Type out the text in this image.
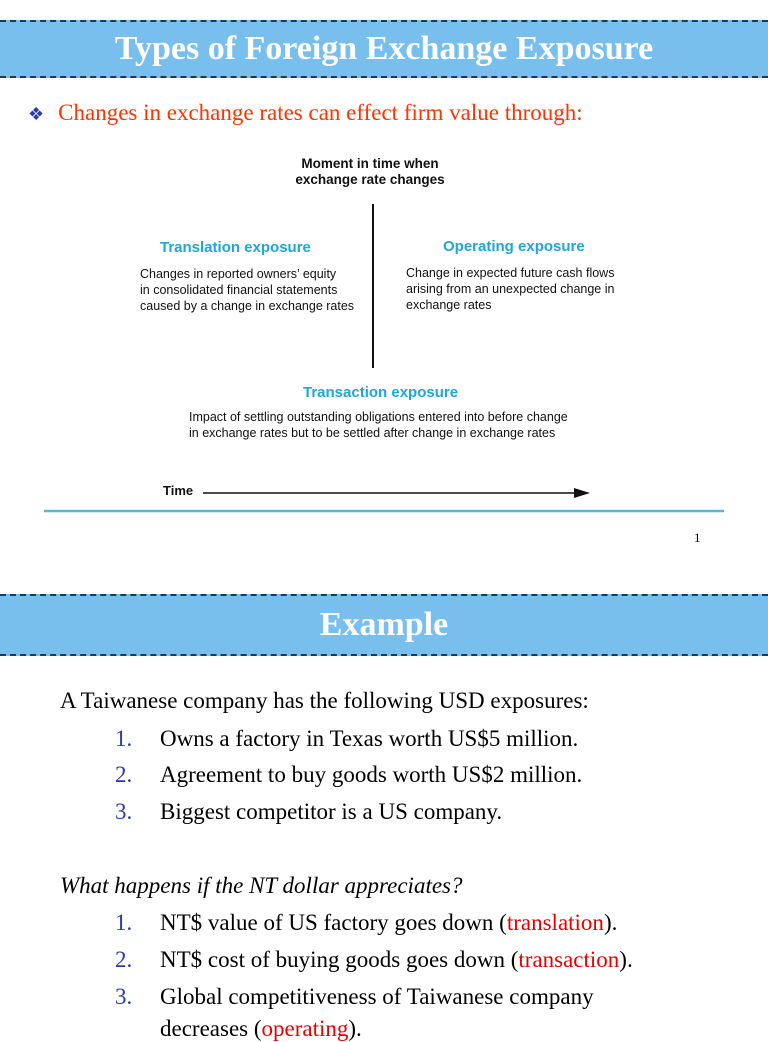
Types of Foreign Exchange Exposure
❖ Changes in exchange rates can effect firm value through:
Moment in time when
exchange rate changes
Translation exposure
Changes in reported owners’ equity
in consolidated financial statements
caused by a change in exchange rates
Operating exposure
Change in expected future cash flows
arising from an unexpected change in
exchange rates
Transaction exposure
Impact of settling outstanding obligations entered into before change
in exchange rates but to be settled after change in exchange rates
Time
1
Example
A Taiwanese company has the following USD exposures:
1. Owns a factory in Texas worth US$5 million.
2. Agreement to buy goods worth US$2 million.
3. Biggest competitor is a US company.
What happens if the NT dollar appreciates?
1. NT$ value of US factory goes down (translation).
2. NT$ cost of buying goods goes down (transaction).
3. Global competitiveness of Taiwanese company
decreases (operating).
